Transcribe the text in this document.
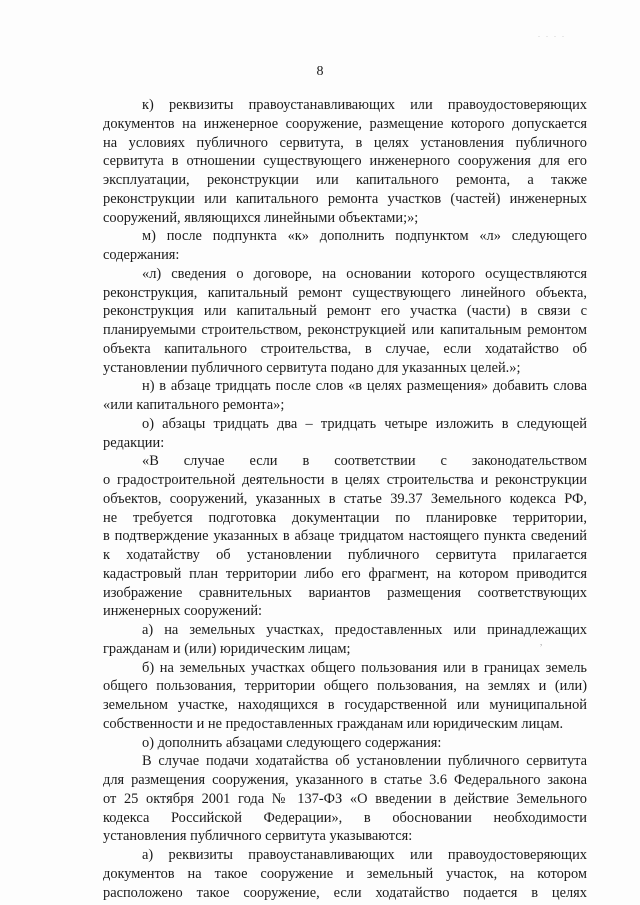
. . . .
8
,
к) реквизиты правоустанавливающих или правоудостоверяющих
документов на инженерное сооружение, размещение которого допускается
на условиях публичного сервитута, в целях установления публичного
сервитута в отношении существующего инженерного сооружения для его
эксплуатации, реконструкции или капитального ремонта, а также
реконструкции или капитального ремонта участков (частей) инженерных
сооружений, являющихся линейными объектами;»;
м) после подпункта «к» дополнить подпунктом «л» следующего
содержания:
«л) сведения о договоре, на основании которого осуществляются
реконструкция, капитальный ремонт существующего линейного объекта,
реконструкция или капитальный ремонт его участка (части) в связи с
планируемыми строительством, реконструкцией или капитальным ремонтом
объекта капитального строительства, в случае, если ходатайство об
установлении публичного сервитута подано для указанных целей.»;
н) в абзаце тридцать после слов «в целях размещения» добавить слова
«или капитального ремонта»;
о) абзацы тридцать два – тридцать четыре изложить в следующей
редакции:
«В случае если в соответствии с законодательством
о градостроительной деятельности в целях строительства и реконструкции
объектов, сооружений, указанных в статье 39.37 Земельного кодекса РФ,
не требуется подготовка документации по планировке территории,
в подтверждение указанных в абзаце тридцатом настоящего пункта сведений
к ходатайству об установлении публичного сервитута прилагается
кадастровый план территории либо его фрагмент, на котором приводится
изображение сравнительных вариантов размещения соответствующих
инженерных сооружений:
а) на земельных участках, предоставленных или принадлежащих
гражданам и (или) юридическим лицам;
б) на земельных участках общего пользования или в границах земель
общего пользования, территории общего пользования, на землях и (или)
земельном участке, находящихся в государственной или муниципальной
собственности и не предоставленных гражданам или юридическим лицам.
о) дополнить абзацами следующего содержания:
В случае подачи ходатайства об установлении публичного сервитута
для размещения сооружения, указанного в статье 3.6 Федерального закона
от 25 октября 2001 года № 137-ФЗ «О введении в действие Земельного
кодекса Российской Федерации», в обосновании необходимости
установления публичного сервитута указываются:
а) реквизиты правоустанавливающих или правоудостоверяющих
документов на такое сооружение и земельный участок, на котором
расположено такое сооружение, если ходатайство подается в целях
